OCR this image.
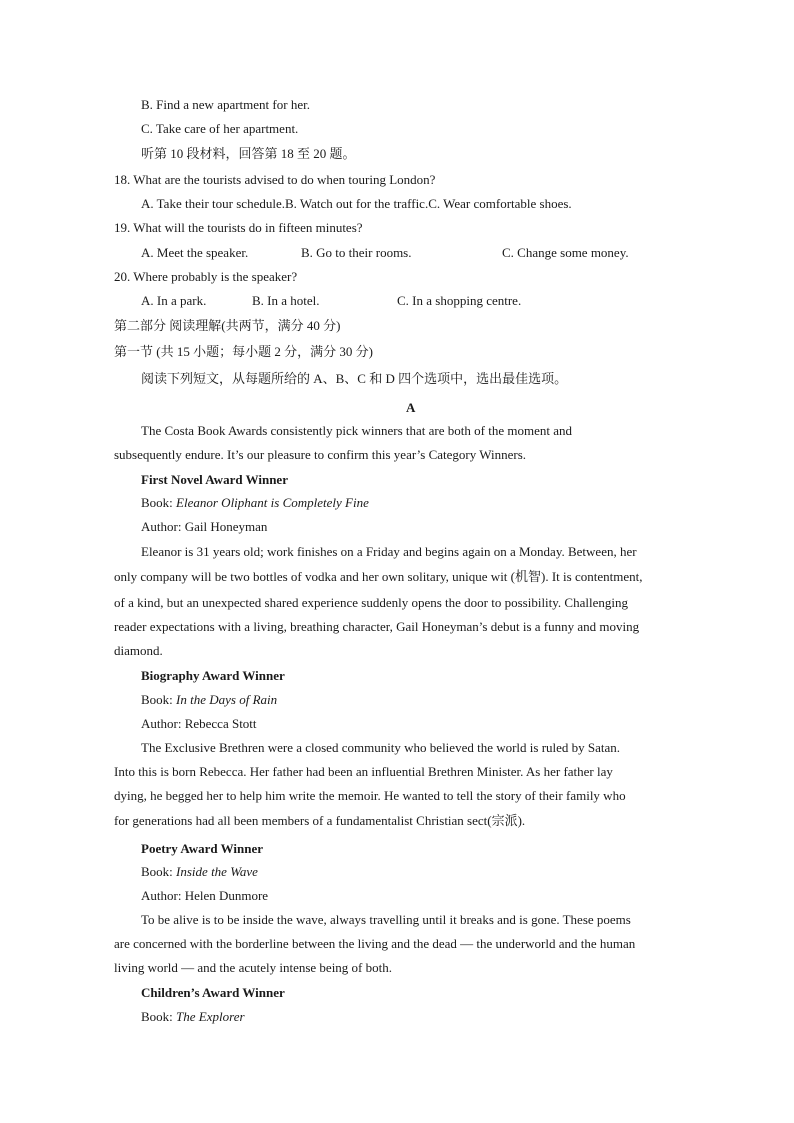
B. Find a new apartment for her.
C. Take care of her apartment.
听第 10 段材料，回答第 18 至 20 题。
18. What are the tourists advised to do when touring London?
A. Take their tour schedule.B. Watch out for the traffic.C. Wear comfortable shoes.
19. What will the tourists do in fifteen minutes?
A. Meet the speaker.	B. Go to their rooms.	C. Change some money.
20. Where probably is the speaker?
A. In a park.	B. In a hotel.	C. In a shopping centre.
第二部分 阅读理解(共两节，满分 40 分)
第一节 (共 15 小题；每小题 2 分，满分 30 分)
阅读下列短文，从每题所给的 A、B、C 和 D 四个选项中，选出最佳选项。
A
The Costa Book Awards consistently pick winners that are both of the moment and
subsequently endure. It’s our pleasure to confirm this year’s Category Winners.
First Novel Award Winner
Book: Eleanor Oliphant is Completely Fine
Author: Gail Honeyman
Eleanor is 31 years old; work finishes on a Friday and begins again on a Monday. Between, her
only company will be two bottles of vodka and her own solitary, unique wit (机智). It is contentment,
of a kind, but an unexpected shared experience suddenly opens the door to possibility. Challenging
reader expectations with a living, breathing character, Gail Honeyman’s debut is a funny and moving
diamond.
Biography Award Winner
Book: In the Days of Rain
Author: Rebecca Stott
The Exclusive Brethren were a closed community who believed the world is ruled by Satan.
Into this is born Rebecca. Her father had been an influential Brethren Minister. As her father lay
dying, he begged her to help him write the memoir. He wanted to tell the story of their family who
for generations had all been members of a fundamentalist Christian sect(宗派).
Poetry Award Winner
Book: Inside the Wave
Author: Helen Dunmore
To be alive is to be inside the wave, always travelling until it breaks and is gone. These poems
are concerned with the borderline between the living and the dead — the underworld and the human
living world — and the acutely intense being of both.
Children’s Award Winner
Book: The Explorer
